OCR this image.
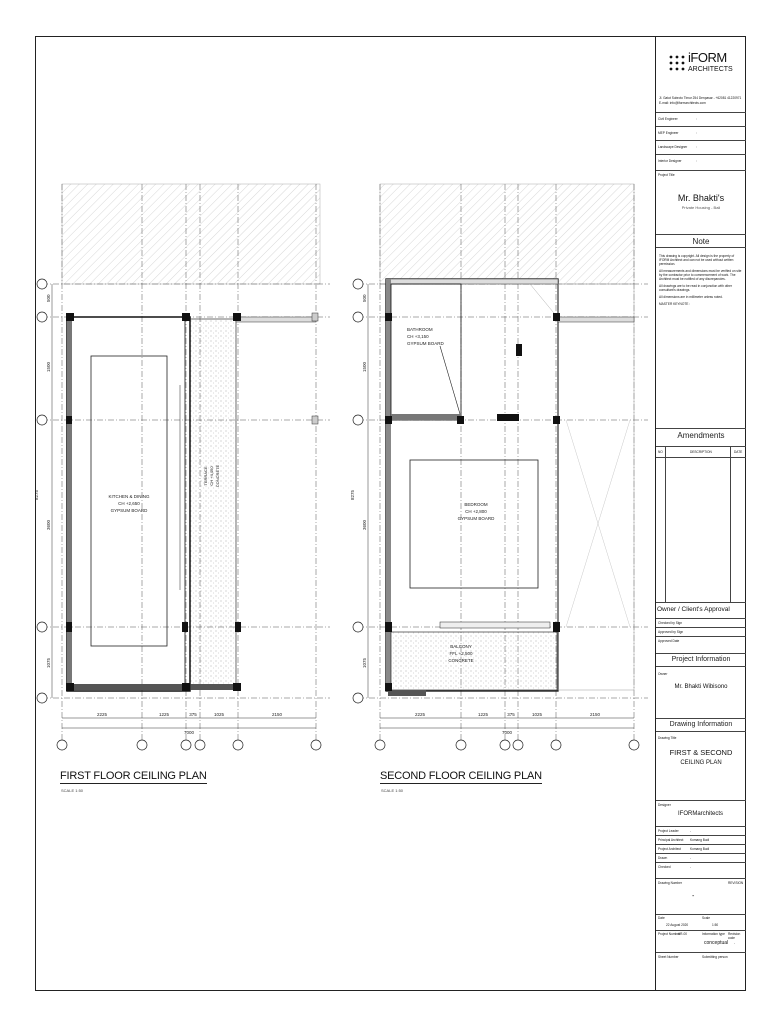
2225	1225	375	1025	2150
7000
500
1500
8275
3600
1075
KITCHEN & DINING
CH +2,650
GYPSUM BOARD
TERRACE CH +4,050 CONCRETE
2225	1225	375	1025	2150
7000
500
1500
8275
3600
1075
BATHROOM
CH +3,150
GYPSUM BOARD
BEDROOM
CH +2,800
GYPSUM BOARD
BALCONY
FFL +2,500
CONCRETE
FIRST FLOOR CEILING PLAN
SCALE 1:50
SECOND FLOOR CEILING PLAN
SCALE 1:50
iFORM
ARCHITECTS
Jl. Gatot Subroto Timur 254 Denpasar - +62081 41220971
E-mail: info@iformarchitects.com
Civil Engineer	:
MEP Engineer	:
Landscape Designer	:
Interior Designer	:
Project Title
Mr. Bhakti's
Private Housing - Bali
Note
This drawing is copyright. All design is the property of IFORM Architect and can not be used without written permission.
All measurements and dimensions must be verified on site by the contractor prior to commencement of work. The Architect must be notified of any discrepancies.
All drawings are to be read in conjunction with other consultant's drawings.
All dimensions are in millimeter unless noted.
MASTER KEYNOTE :
Amendments
NO	DESCRIPTION	DATE
Owner / Client's Approval
Checked by Sign
Approved by Sign
Approved Date
Project Information
Owner
Mr. Bhakti Wibisono
Drawing Information
Drawing Title
FIRST & SECOND
CEILING PLAN
Designer
IFORMarchitects
Project Leader	-
Principal Architect Komang Budi
Project Architect	Komang Budi
Drawn	-
Checked	-
Drawing Number	REVISION
-
Date
22 August 2020
Scale
1:50
Project Number
AR-00	Information type
conceptual
Revision code
-
Sheet Number	Submitting person
